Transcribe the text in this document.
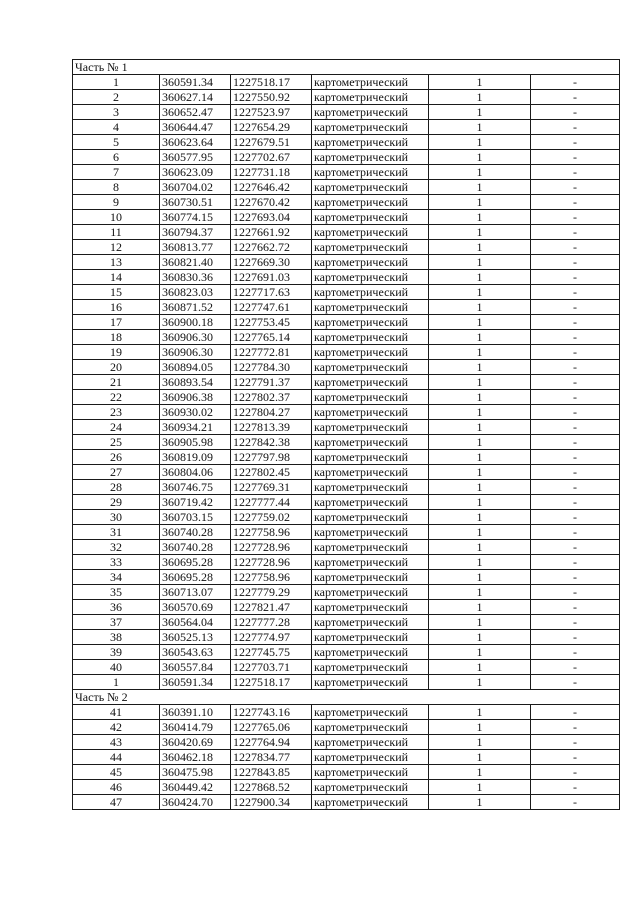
Часть № 1					
1	360591.34	1227518.17	картометрический	1	-
2	360627.14	1227550.92	картометрический	1	-
3	360652.47	1227523.97	картометрический	1	-
4	360644.47	1227654.29	картометрический	1	-
5	360623.64	1227679.51	картометрический	1	-
6	360577.95	1227702.67	картометрический	1	-
7	360623.09	1227731.18	картометрический	1	-
8	360704.02	1227646.42	картометрический	1	-
9	360730.51	1227670.42	картометрический	1	-
10	360774.15	1227693.04	картометрический	1	-
11	360794.37	1227661.92	картометрический	1	-
12	360813.77	1227662.72	картометрический	1	-
13	360821.40	1227669.30	картометрический	1	-
14	360830.36	1227691.03	картометрический	1	-
15	360823.03	1227717.63	картометрический	1	-
16	360871.52	1227747.61	картометрический	1	-
17	360900.18	1227753.45	картометрический	1	-
18	360906.30	1227765.14	картометрический	1	-
19	360906.30	1227772.81	картометрический	1	-
20	360894.05	1227784.30	картометрический	1	-
21	360893.54	1227791.37	картометрический	1	-
22	360906.38	1227802.37	картометрический	1	-
23	360930.02	1227804.27	картометрический	1	-
24	360934.21	1227813.39	картометрический	1	-
25	360905.98	1227842.38	картометрический	1	-
26	360819.09	1227797.98	картометрический	1	-
27	360804.06	1227802.45	картометрический	1	-
28	360746.75	1227769.31	картометрический	1	-
29	360719.42	1227777.44	картометрический	1	-
30	360703.15	1227759.02	картометрический	1	-
31	360740.28	1227758.96	картометрический	1	-
32	360740.28	1227728.96	картометрический	1	-
33	360695.28	1227728.96	картометрический	1	-
34	360695.28	1227758.96	картометрический	1	-
35	360713.07	1227779.29	картометрический	1	-
36	360570.69	1227821.47	картометрический	1	-
37	360564.04	1227777.28	картометрический	1	-
38	360525.13	1227774.97	картометрический	1	-
39	360543.63	1227745.75	картометрический	1	-
40	360557.84	1227703.71	картометрический	1	-
1	360591.34	1227518.17	картометрический	1	-
Часть № 2					
41	360391.10	1227743.16	картометрический	1	-
42	360414.79	1227765.06	картометрический	1	-
43	360420.69	1227764.94	картометрический	1	-
44	360462.18	1227834.77	картометрический	1	-
45	360475.98	1227843.85	картометрический	1	-
46	360449.42	1227868.52	картометрический	1	-
47	360424.70	1227900.34	картометрический	1	-
